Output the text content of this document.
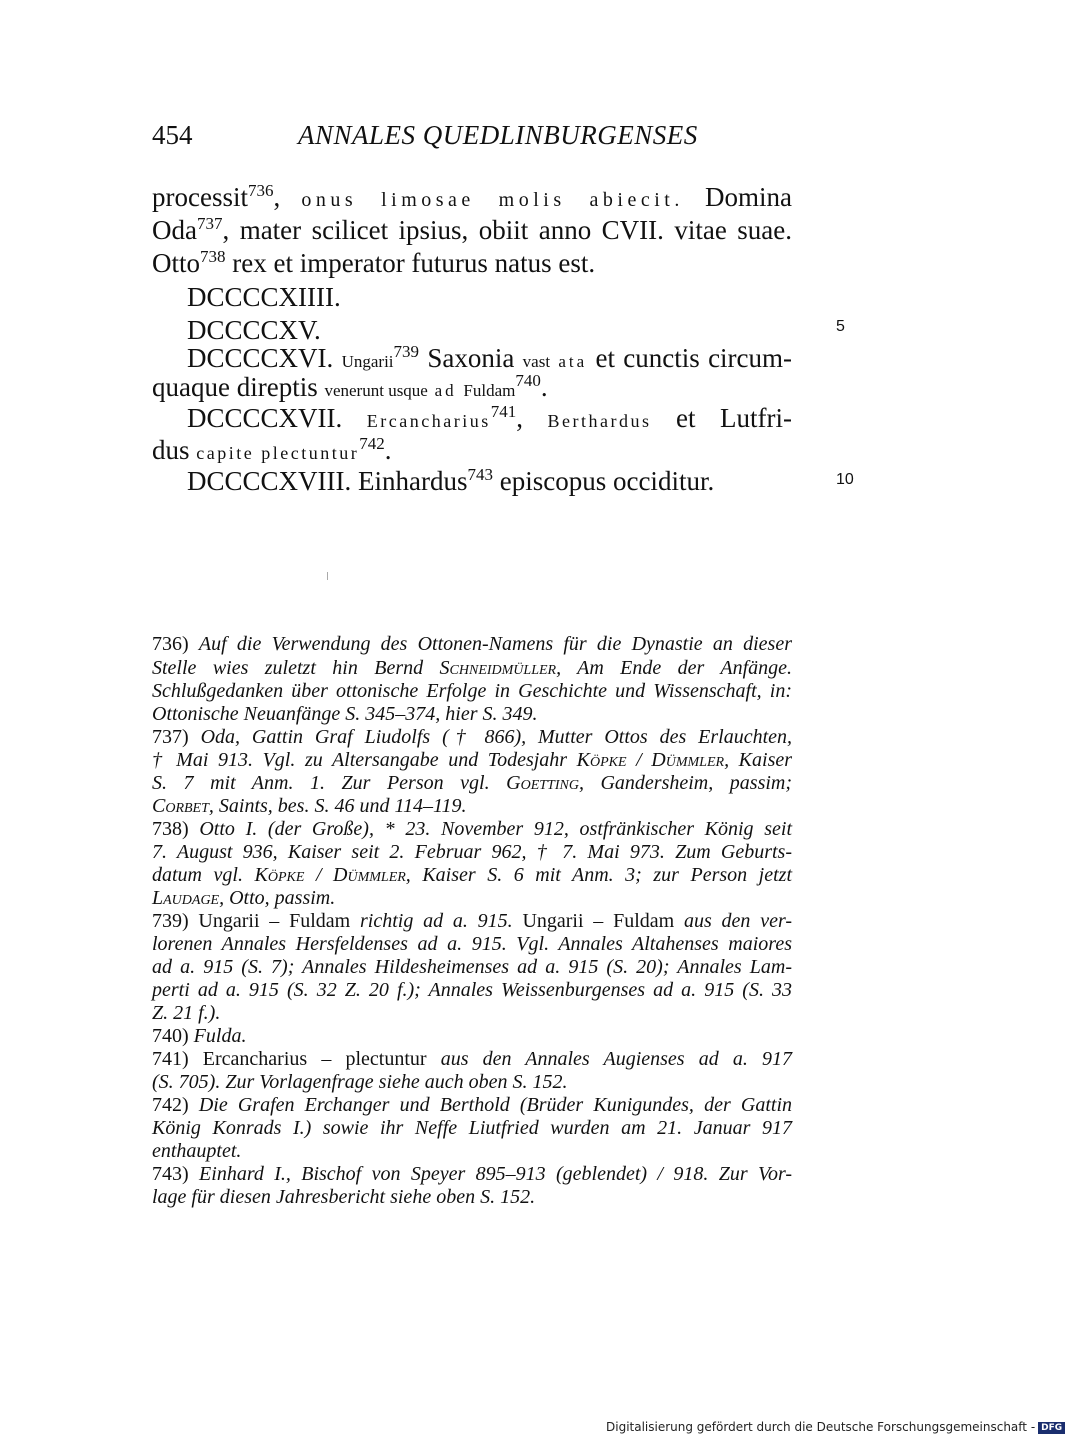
454	ANNALES QUEDLINBURGENSES
processit$^{736}$, onus limosae molis abiecit. Domina
Oda$^{737}$, mater scilicet ipsius, obiit anno CVII. vitae suae.
Otto$^{738}$ rex et imperator futurus natus est.
DCCCCXIIII.
DCCCCXV.
DCCCCXVI. Ungarii$^{739}$ Saxonia vast ata et cunctis circum-
quaque direptis venerunt usque ad Fuldam$^{740}$.
DCCCCXVII. Ercancharius$^{741}$, Berthardus et Lutfri-
dus capite plectuntur$^{742}$.
DCCCCXVIII. Einhardus$^{743}$ episcopus occiditur.
5
10
736) Auf die Verwendung des Ottonen-Namens für die Dynastie an dieser
Stelle wies zuletzt hin Bernd Schneidmüller, Am Ende der Anfänge.
Schlußgedanken über ottonische Erfolge in Geschichte und Wissenschaft, in:
Ottonische Neuanfänge S. 345–374, hier S. 349.
737) Oda, Gattin Graf Liudolfs († 866), Mutter Ottos des Erlauchten,
† Mai 913. Vgl. zu Altersangabe und Todesjahr Köpke / Dümmler, Kaiser
S. 7 mit Anm. 1. Zur Person vgl. Goetting, Gandersheim, passim;
Corbet, Saints, bes. S. 46 und 114–119.
738) Otto I. (der Große), * 23. November 912, ostfränkischer König seit
7. August 936, Kaiser seit 2. Februar 962, † 7. Mai 973. Zum Geburts-
datum vgl. Köpke / Dümmler, Kaiser S. 6 mit Anm. 3; zur Person jetzt
Laudage, Otto, passim.
739) Ungarii – Fuldam richtig ad a. 915. Ungarii – Fuldam aus den ver-
lorenen Annales Hersfeldenses ad a. 915. Vgl. Annales Altahenses maiores
ad a. 915 (S. 7); Annales Hildesheimenses ad a. 915 (S. 20); Annales Lam-
perti ad a. 915 (S. 32 Z. 20 f.); Annales Weissenburgenses ad a. 915 (S. 33
Z. 21 f.).
740) Fulda.
741) Ercancharius – plectuntur aus den Annales Augienses ad a. 917
(S. 705). Zur Vorlagenfrage siehe auch oben S. 152.
742) Die Grafen Erchanger und Berthold (Brüder Kunigundes, der Gattin
König Konrads I.) sowie ihr Neffe Liutfried wurden am 21. Januar 917
enthauptet.
743) Einhard I., Bischof von Speyer 895–913 (geblendet) / 918. Zur Vor-
lage für diesen Jahresbericht siehe oben S. 152.
Digitalisierung gefördert durch die Deutsche Forschungsgemeinschaft - DFG
